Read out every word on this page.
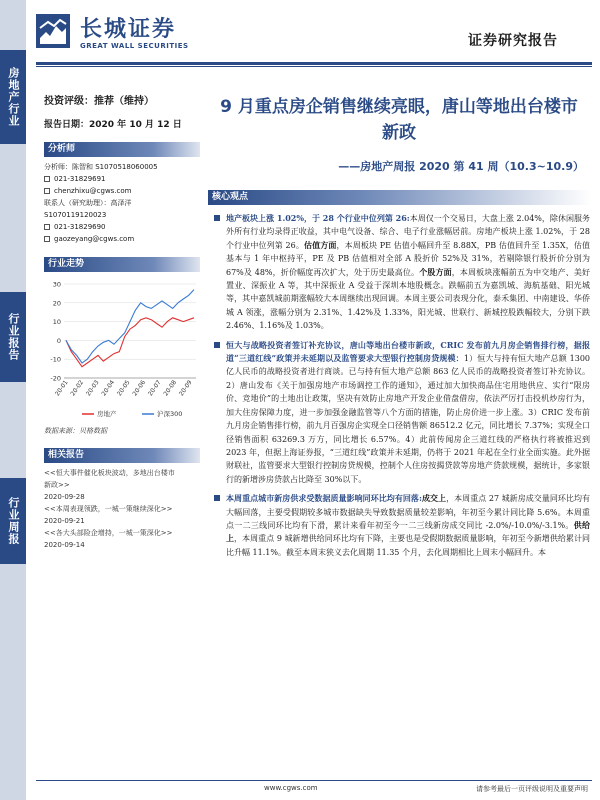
房地产行业
行业报告
行业周报
长城证券
GREAT WALL SECURITIES	证券研究报告
投资评级：推荐（维持）
报告日期：2020 年 10 月 12 日
分析师
分析师：陈智和 S1070518060005
021-31829691
chenzhixu@cgws.com
联系人（研究助理）：高泽洋
S1070119120023
021-31829690
gaozeyang@cgws.com
行业走势
30
20
10
0
-10
-20
20-01 20-02 20-03 20-04 20-05 20-06 20-07 20-08 20-09
房地产	沪深300
数据来源：贝格数据
相关报告
<<恒大事件催化板块波动，多地出台楼市
新政>>
2020-09-28
<<本周表现领跌，一城一策继续深化>>
2020-09-21
<<各大头部险企增持，一城一策深化>>
2020-09-14
9 月重点房企销售继续亮眼，唐山等地出台楼市新政
——房地产周报 2020 第 41 周（10.3~10.9）
核心观点
地产板块上涨 1.02%，于 28 个行业中位列第 26:本周仅一个交易日，大盘上涨 2.04%，除休闲服务外所有行业均录得正收益，其中电气设备、综合、电子行业涨幅居前。房地产板块上涨 1.02%，于 28 个行业中位列第 26。估值方面，本周板块 PE 估值小幅回升至 8.88X，PB 估值回升至 1.35X，估值基本与 1 年中枢持平，PE 及 PB 估值相对全部 A 股折价 52%及 31%，若剔除银行股折价分别为 67%及 48%，折价幅度再次扩大，处于历史最高位。个股方面，本周板块涨幅前五为中交地产、美好置业、深振业 A 等，其中深振业 A 受益于深圳本地股概念。跌幅前五为嘉凯城、海航基础、阳光城等，其中嘉凯城前期涨幅较大本周继续出现回调。本周主要公司表现分化，泰禾集团、中南建设、华侨城 A 领涨，涨幅分别为 2.31%、1.42%及 1.33%，阳光城、世联行、新城控股跌幅较大，分别下跌 2.46%、1.16%及 1.03%。
恒大与战略投资者签订补充协议，唐山等地出台楼市新政，CRIC 发布前九月房企销售排行榜，据报道“三道红线”政策并未延期以及监管要求大型银行控制房贷规模：1）恒大与持有恒大地产总额 1300 亿人民币的战略投资者进行商谈。已与持有恒大地产总额 863 亿人民币的战略投资者签订补充协议。2）唐山发布《关于加强房地产市场调控工作的通知》，通过加大加快商品住宅用地供应、实行“限房价、竞地价”的土地出让政策，坚决有效防止房地产开发企业借盘借房，依法严厉打击投机炒房行为，加大住房保障力度，进一步加强金融监管等八个方面的措施，防止房价进一步上涨。3）CRIC 发布前九月房企销售排行榜，前九月百强房企实现全口径销售额 86512.2 亿元，同比增长 7.37%；实现全口径销售面积 63269.3 万方，同比增长 6.57%。4）此前传闻房企三道红线的严格执行将被推迟到 2023 年，但据上海证券报，“三道红线”政策并未延期，仍将于 2021 年起在全行业全面实施。此外据财联社，监管要求大型银行控制房贷规模，控制个人住房按揭贷款等房地产贷款规模，据统计，多家银行的新增涉房贷款占比降至 30%以下。
本周重点城市新房供求受数据质量影响同环比均有回落:成交上，本周重点 27 城新房成交量同环比均有大幅回落，主要受假期较多城市数据缺失导致数据质量较差影响，年初至今累计同比降 5.6%。本周重点一二三线同环比均有下滑，累计来看年初至今一二三线新房成交同比 -2.0%/-10.0%/-3.1%。供给上，本周重点 9 城新增供给同环比均有下降，主要也是受假期数据质量影响，年初至今新增供给累计同比升幅 11.1%。截至本周末狭义去化周期 11.35 个月，去化周期相比上周末小幅回升。本
www.cgws.com	请参考最后一页评级说明及重要声明
